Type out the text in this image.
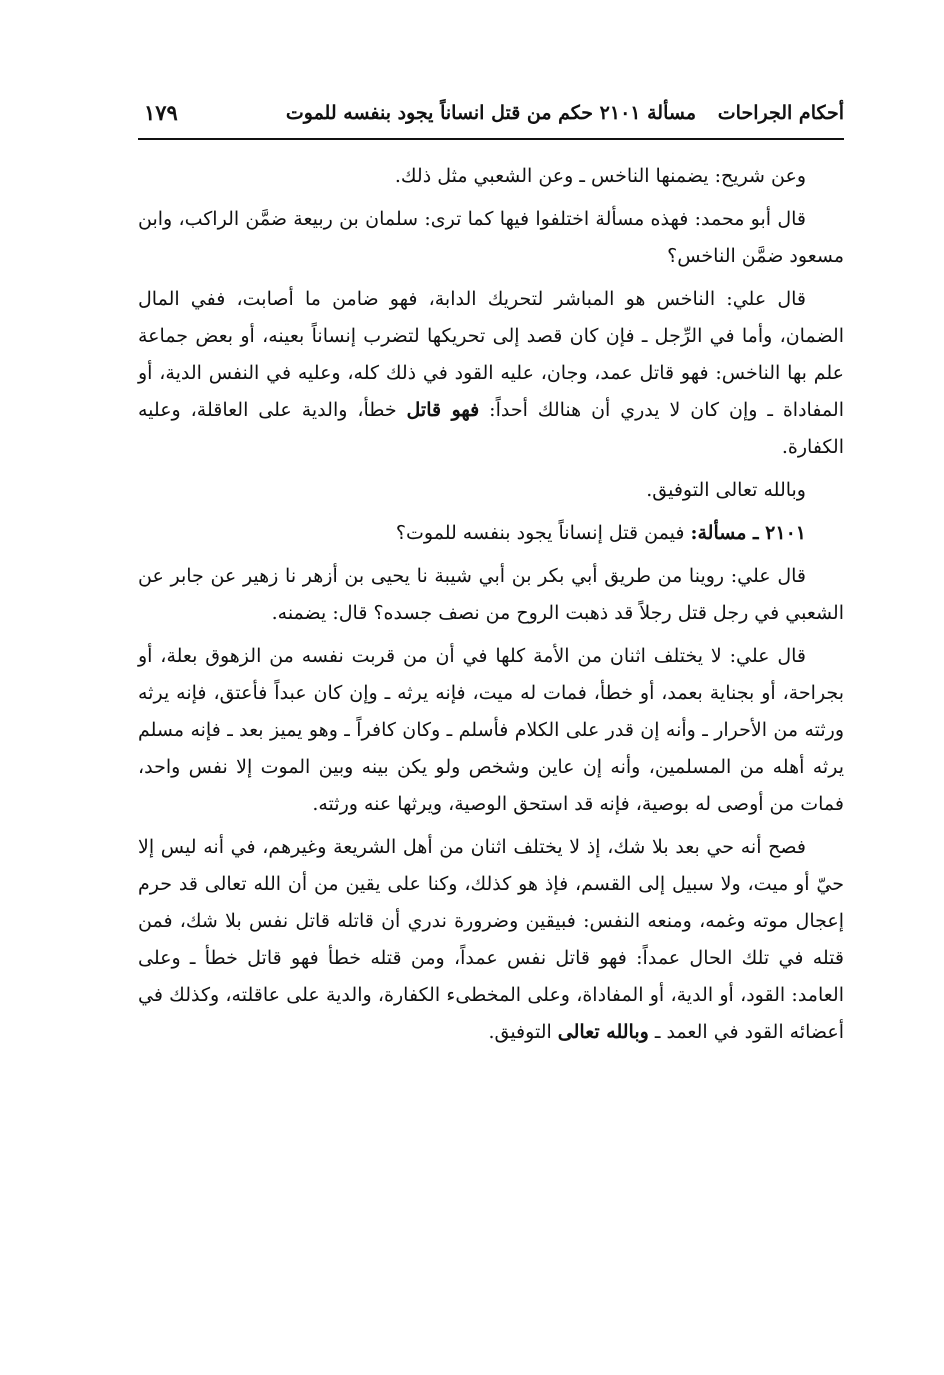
أحكام الجراحات
مسألة ٢١٠١ حكم من قتل انساناً يجود بنفسه للموت
١٧٩

وعن شريح: يضمنها الناخس ـ وعن الشعبي مثل ذلك.

قال أبو محمد: فهذه مسألة اختلفوا فيها كما ترى: سلمان بن ربيعة ضمَّن الراكب، وابن مسعود ضمَّن الناخس؟

قال علي: الناخس هو المباشر لتحريك الدابة، فهو ضامن ما أصابت، ففي المال الضمان، وأما في الرِّجل ـ فإن كان قصد إلى تحريكها لتضرب إنساناً بعينه، أو بعض جماعة علم بها الناخس: فهو قاتل عمد، وجان، عليه القود في ذلك كله، وعليه في النفس الدية، أو المفاداة ـ وإن كان لا يدري أن هنالك أحداً: فهو قاتل خطأ، والدية على العاقلة، وعليه الكفارة.

وبالله تعالى التوفيق.

٢١٠١ ـ مسألة: فيمن قتل إنساناً يجود بنفسه للموت؟

قال علي: روينا من طريق أبي بكر بن أبي شيبة نا يحيى بن أزهر نا زهير عن جابر عن الشعبي في رجل قتل رجلاً قد ذهبت الروح من نصف جسده؟ قال: يضمنه.

قال علي: لا يختلف اثنان من الأمة كلها في أن من قربت نفسه من الزهوق بعلة، أو بجراحة، أو بجناية بعمد، أو خطأ، فمات له ميت، فإنه يرثه ـ وإن كان عبداً فأعتق، فإنه يرثه ورثته من الأحرار ـ وأنه إن قدر على الكلام فأسلم ـ وكان كافراً ـ وهو يميز بعد ـ فإنه مسلم يرثه أهله من المسلمين، وأنه إن عاين وشخص ولو يكن بينه وبين الموت إلا نفس واحد، فمات من أوصى له بوصية، فإنه قد استحق الوصية، ويرثها عنه ورثته.

فصح أنه حي بعد بلا شك، إذ لا يختلف اثنان من أهل الشريعة وغيرهم، في أنه ليس إلا حيّ أو ميت، ولا سبيل إلى القسم، فإذ هو كذلك، وكنا على يقين من أن الله تعالى قد حرم إعجال موته وغمه، ومنعه النفس: فبيقين وضرورة ندري أن قاتله قاتل نفس بلا شك، فمن قتله في تلك الحال عمداً: فهو قاتل نفس عمداً، ومن قتله خطأ فهو قاتل خطأ ـ وعلى العامد: القود، أو الدية، أو المفاداة، وعلى المخطىء الكفارة، والدية على عاقلته، وكذلك في أعضائه القود في العمد ـ وبالله تعالى التوفيق.
